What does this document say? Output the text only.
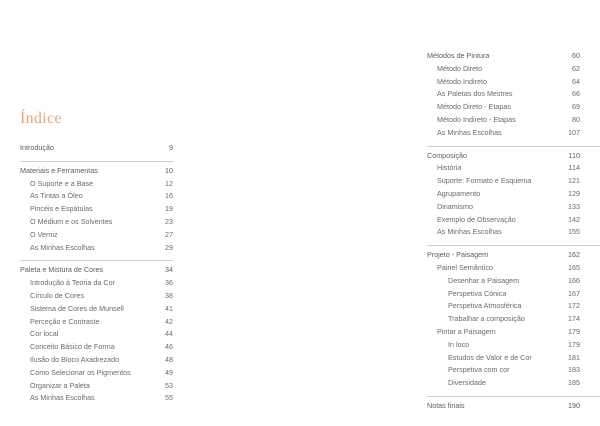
Índice
Introdução	9
Materiais e Ferramentas	10
O Suporte e a Base	12
As Tintas a Óleo	16
Pincéis e Espátulas	19
O Médium e os Solventes	23
O Verniz	27
As Minhas Escolhas	29
Paleta e Mistura de Cores	34
Introdução à Teoria da Cor	36
Círculo de Cores	38
Sistema de Cores de Munsell	41
Perceção e Contraste	42
Cor local	44
Conceito Básico de Forma	46
Ilusão do Bloco Axadrezado	48
Como Selecionar os Pigmentos	49
Organizar a Paleta	53
As Minhas Escolhas	55
Métodos de Pintura	60
Método Direto	62
Método Indireto	64
As Paletas dos Mestres	66
Método Direto - Etapas	69
Método Indireto - Etapas	80
As Minhas Escolhas	107
Composição	110
História	114
Suporte: Formato e Esquema	121
Agrupamento	129
Dinamismo	133
Exemplo de Observação	142
As Minhas Escolhas	155
Projeto - Paisagem	162
Painel Semântico	165
Desenhar a Paisagem	166
Perspetiva Cónica	167
Perspetiva Atmosférica	172
Trabalhar a composição	174
Pintar a Paisagem	179
In loco	179
Estudos de Valor e de Cor	181
Perspetiva com cor	183
Diversidade	185
Notas finais	190
